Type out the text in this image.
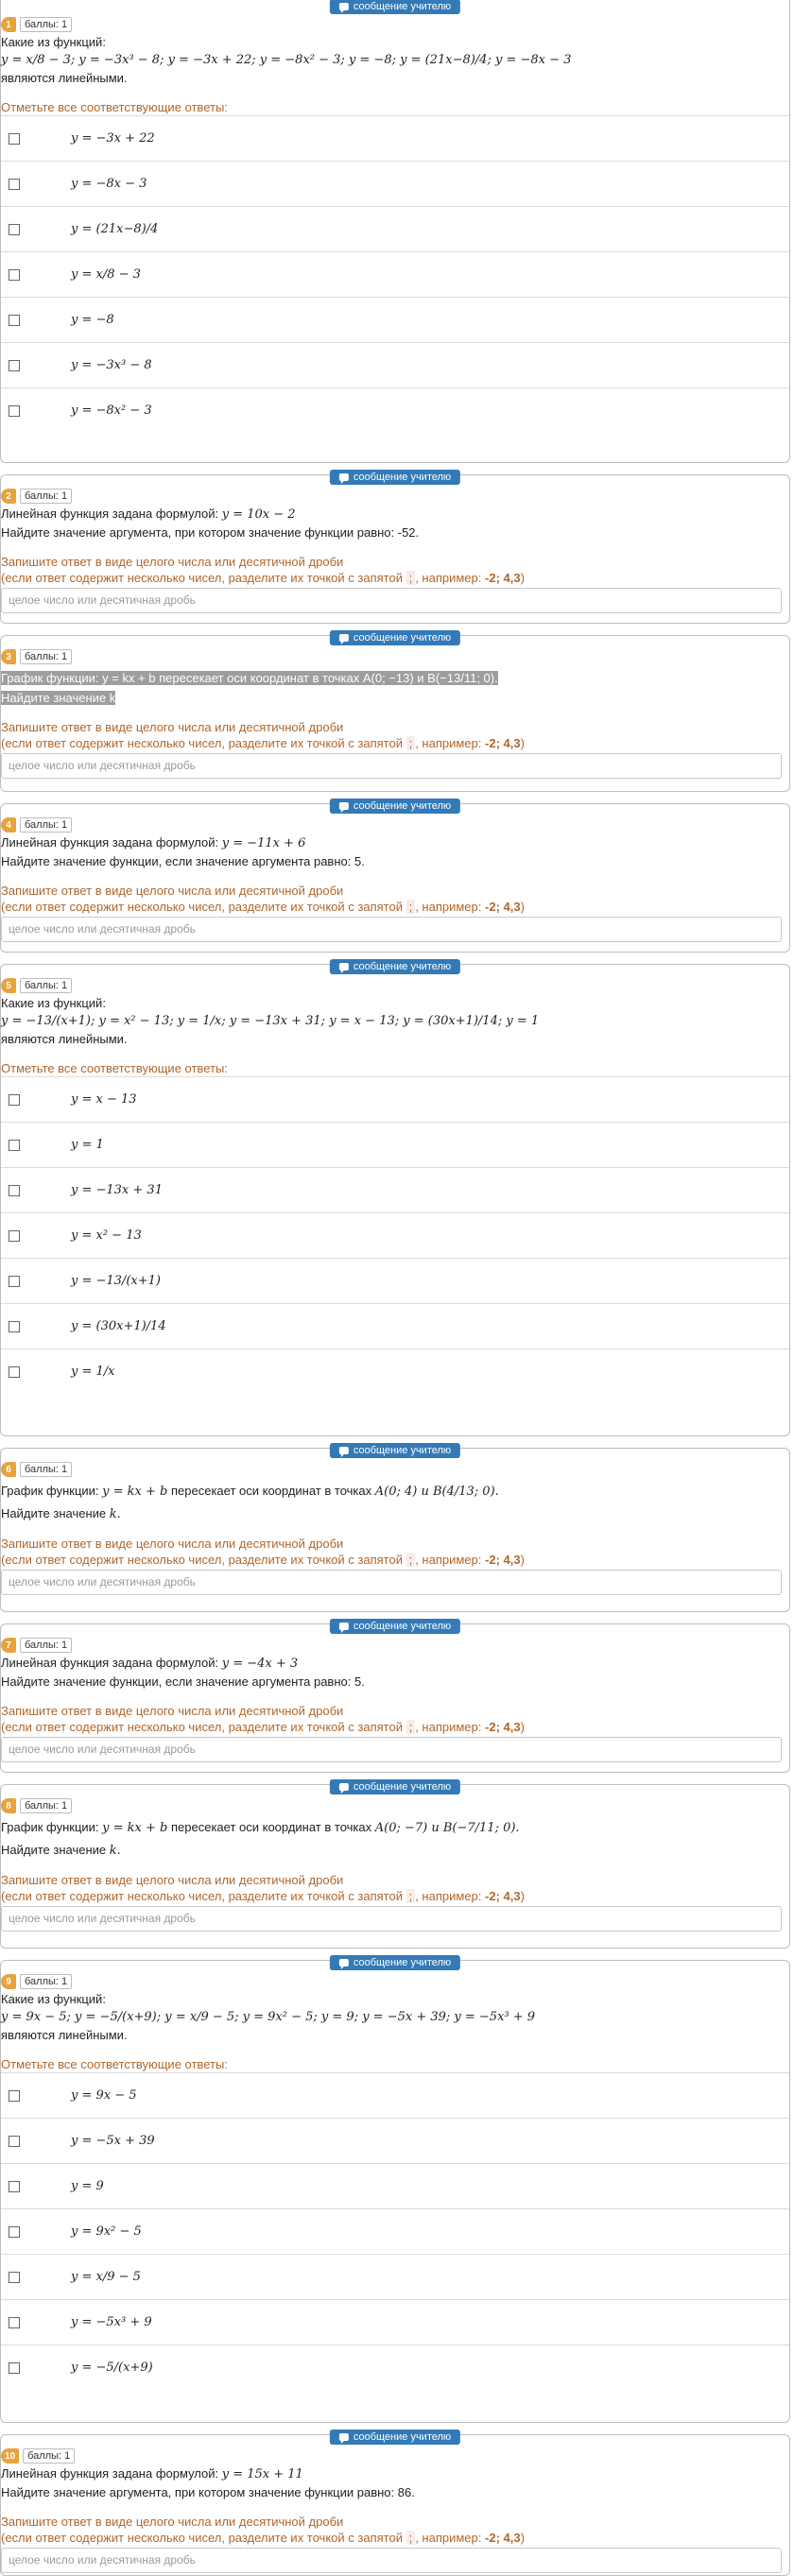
сообщение учителю
1	баллы: 1
Какие из функций:
y = x/8 − 3; y = −3x³ − 8; y = −3x + 22; y = −8x² − 3; y = −8; y = (21x−8)/4; y = −8x − 3
являются линейными.
Отметьте все соответствующие ответы:
y = −3x + 22
y = −8x − 3
y = (21x−8)/4
y = x/8 − 3
y = −8
y = −3x³ − 8
y = −8x² − 3
сообщение учителю
2	баллы: 1
Линейная функция задана формулой: y = 10x − 2
Найдите значение аргумента, при котором значение функции равно: -52.
Запишите ответ в виде целого числа или десятичной дроби
(если ответ содержит несколько чисел, разделите их точкой с запятой ; , например: -2; 4,3)
целое число или десятичная дробь
сообщение учителю
3	баллы: 1
График функции: y = kx + b пересекает оси координат в точках A(0; −13) и B(−13/11; 0).
Найдите значение k
Запишите ответ в виде целого числа или десятичной дроби
(если ответ содержит несколько чисел, разделите их точкой с запятой ; , например: -2; 4,3)
целое число или десятичная дробь
сообщение учителю
4	баллы: 1
Линейная функция задана формулой: y = −11x + 6
Найдите значение функции, если значение аргумента равно: 5.
Запишите ответ в виде целого числа или десятичной дроби
(если ответ содержит несколько чисел, разделите их точкой с запятой ; , например: -2; 4,3)
целое число или десятичная дробь
сообщение учителю
5	баллы: 1
Какие из функций:
y = −13/(x+1); y = x² − 13; y = 1/x; y = −13x + 31; y = x − 13; y = (30x+1)/14; y = 1
являются линейными.
Отметьте все соответствующие ответы:
y = x − 13
y = 1
y = −13x + 31
y = x² − 13
y = −13/(x+1)
y = (30x+1)/14
y = 1/x
сообщение учителю
6	баллы: 1
График функции: y = kx + b пересекает оси координат в точках A(0; 4) и B(4/13; 0).
Найдите значение k.
Запишите ответ в виде целого числа или десятичной дроби
(если ответ содержит несколько чисел, разделите их точкой с запятой ; , например: -2; 4,3)
целое число или десятичная дробь
сообщение учителю
7	баллы: 1
Линейная функция задана формулой: y = −4x + 3
Найдите значение функции, если значение аргумента равно: 5.
Запишите ответ в виде целого числа или десятичной дроби
(если ответ содержит несколько чисел, разделите их точкой с запятой ; , например: -2; 4,3)
целое число или десятичная дробь
сообщение учителю
8	баллы: 1
График функции: y = kx + b пересекает оси координат в точках A(0; −7) и B(−7/11; 0).
Найдите значение k.
Запишите ответ в виде целого числа или десятичной дроби
(если ответ содержит несколько чисел, разделите их точкой с запятой ; , например: -2; 4,3)
целое число или десятичная дробь
сообщение учителю
9	баллы: 1
Какие из функций:
y = 9x − 5; y = −5/(x+9); y = x/9 − 5; y = 9x² − 5; y = 9; y = −5x + 39; y = −5x³ + 9
являются линейными.
Отметьте все соответствующие ответы:
y = 9x − 5
y = −5x + 39
y = 9
y = 9x² − 5
y = x/9 − 5
y = −5x³ + 9
y = −5/(x+9)
сообщение учителю
10	баллы: 1
Линейная функция задана формулой: y = 15x + 11
Найдите значение аргумента, при котором значение функции равно: 86.
Запишите ответ в виде целого числа или десятичной дроби
(если ответ содержит несколько чисел, разделите их точкой с запятой ; , например: -2; 4,3)
целое число или десятичная дробь
